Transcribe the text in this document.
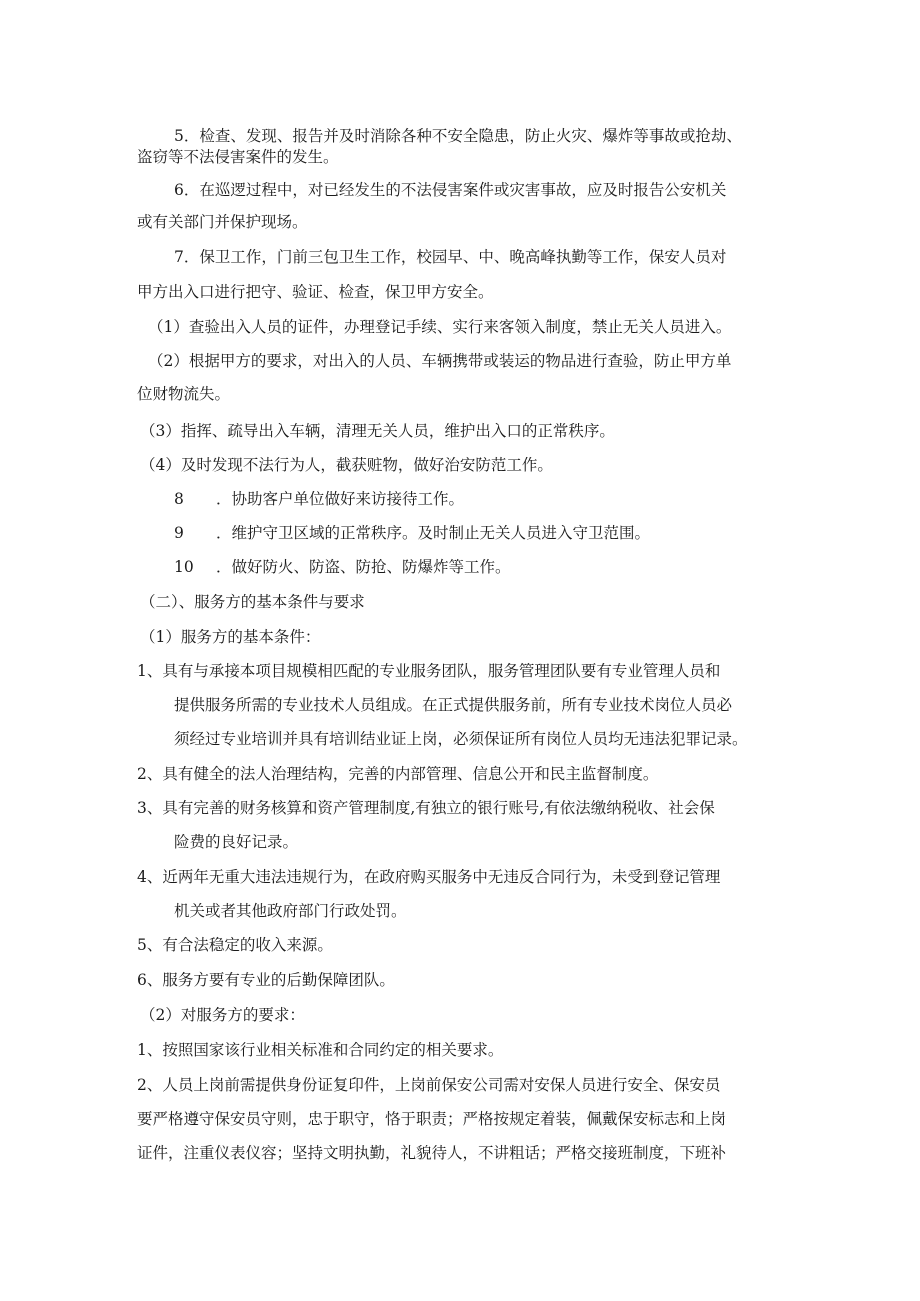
5．检查、发现、报告并及时消除各种不安全隐患，防止火灾、爆炸等事故或抢劫、
盗窃等不法侵害案件的发生。
6．在巡逻过程中，对已经发生的不法侵害案件或灾害事故，应及时报告公安机关
或有关部门并保护现场。
7．保卫工作，门前三包卫生工作，校园早、中、晚高峰执勤等工作，保安人员对
甲方出入口进行把守、验证、检查，保卫甲方安全。
（1）查验出入人员的证件，办理登记手续、实行来客领入制度，禁止无关人员进入。
（2）根据甲方的要求，对出入的人员、车辆携带或装运的物品进行查验，防止甲方单
位财物流失。
（3）指挥、疏导出入车辆，清理无关人员，维护出入口的正常秩序。
（4）及时发现不法行为人，截获赃物，做好治安防范工作。
8 ．协助客户单位做好来访接待工作。
9 ．维护守卫区域的正常秩序。及时制止无关人员进入守卫范围。
10 ．做好防火、防盗、防抢、防爆炸等工作。
（二）、服务方的基本条件与要求
（1）服务方的基本条件：
1、具有与承接本项目规模相匹配的专业服务团队，服务管理团队要有专业管理人员和
提供服务所需的专业技术人员组成。在正式提供服务前，所有专业技术岗位人员必
须经过专业培训并具有培训结业证上岗，必须保证所有岗位人员均无违法犯罪记录。
2、具有健全的法人治理结构，完善的内部管理、信息公开和民主监督制度。
3、具有完善的财务核算和资产管理制度,有独立的银行账号,有依法缴纳税收、社会保
险费的良好记录。
4、近两年无重大违法违规行为，在政府购买服务中无违反合同行为，未受到登记管理
机关或者其他政府部门行政处罚。
5、有合法稳定的收入来源。
6、服务方要有专业的后勤保障团队。
（2）对服务方的要求：
1、按照国家该行业相关标准和合同约定的相关要求。
2、人员上岗前需提供身份证复印件，上岗前保安公司需对安保人员进行安全、保安员
要严格遵守保安员守则，忠于职守，恪于职责；严格按规定着装，佩戴保安标志和上岗
证件，注重仪表仪容；坚持文明执勤，礼貌待人，不讲粗话；严格交接班制度，下班补
